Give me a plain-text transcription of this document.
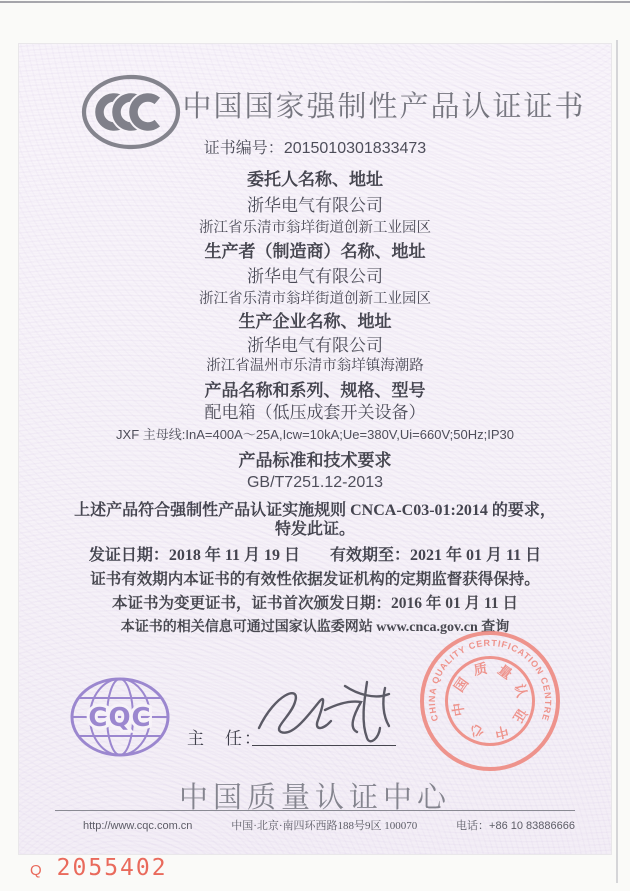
中国国家强制性产品认证证书
证书编号：2015010301833473
委托人名称、地址
浙华电气有限公司
浙江省乐清市翁垟街道创新工业园区
生产者（制造商）名称、地址
浙华电气有限公司
浙江省乐清市翁垟街道创新工业园区
生产企业名称、地址
浙华电气有限公司
浙江省温州市乐清市翁垟镇海潮路
产品名称和系列、规格、型号
配电箱（低压成套开关设备）
JXF 主母线:InA=400A～25A,Icw=10kA;Ue=380V,Ui=660V;50Hz;IP30
产品标准和技术要求
GB/T7251.12-2013
上述产品符合强制性产品认证实施规则 CNCA-C03-01:2014 的要求，
特发此证。
发证日期：2018 年 11 月 19 日 有效期至：2021 年 01 月 11 日
证书有效期内本证书的有效性依据发证机构的定期监督获得保持。
本证书为变更证书，证书首次颁发日期：2016 年 01 月 11 日
本证书的相关信息可通过国家认监委网站 www.cnca.gov.cn 查询
CQC
主　任：
CHINA QUALITY CERTIFICATION CENTRE
中国质量认证中心
中国质量认证中心
http://www.cqc.com.cn	中国·北京·南四环西路188号9区 100070	电话：+86 10 83886666
Q 2055402
